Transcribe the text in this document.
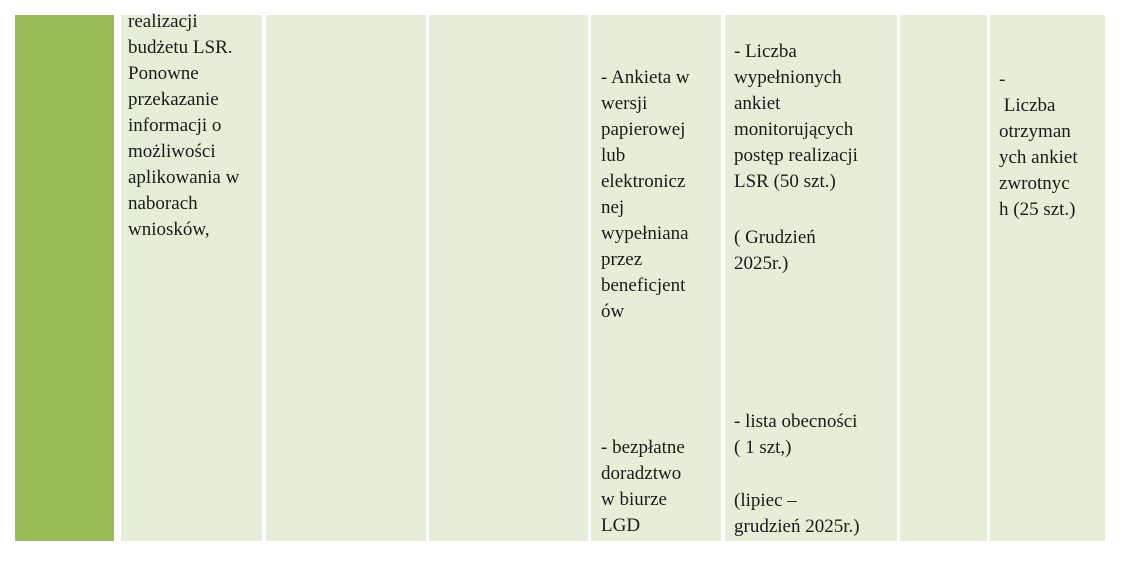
realizacji
budżetu LSR.
Ponowne
przekazanie
informacji o
możliwości
aplikowania w
naborach
wniosków,

- Ankieta w
wersji
papierowej
lub
elektronicz
nej
wypełniana
przez
beneficjent
ów

- bezpłatne
doradztwo
w biurze
LGD

- Liczba
wypełnionych
ankiet
monitorujących
postęp realizacji
LSR (50 szt.)

( Grudzień
2025r.)

- lista obecności
( 1 szt,)

(lipiec –
grudzień 2025r.)

-
Liczba
otrzyman
ych ankiet
zwrotnyc
h (25 szt.)
